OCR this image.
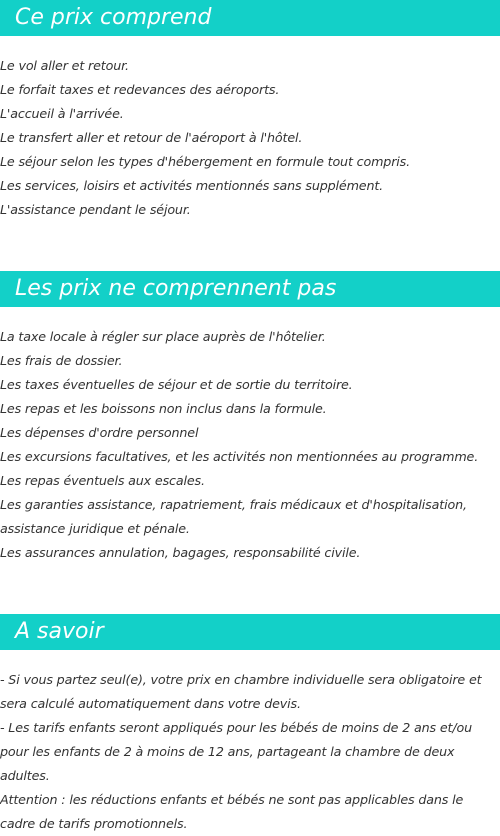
Ce prix comprend
Le vol aller et retour.
Le forfait taxes et redevances des aéroports.
L'accueil à l'arrivée.
Le transfert aller et retour de l'aéroport à l'hôtel.
Le séjour selon les types d'hébergement en formule tout compris.
Les services, loisirs et activités mentionnés sans supplément.
L'assistance pendant le séjour.
Les prix ne comprennent pas
La taxe locale à régler sur place auprès de l'hôtelier.
Les frais de dossier.
Les taxes éventuelles de séjour et de sortie du territoire.
Les repas et les boissons non inclus dans la formule.
Les dépenses d'ordre personnel
Les excursions facultatives, et les activités non mentionnées au programme.
Les repas éventuels aux escales.
Les garanties assistance, rapatriement, frais médicaux et d'hospitalisation, assistance juridique et pénale.
Les assurances annulation, bagages, responsabilité civile.
A savoir

- Si vous partez seul(e), votre prix en chambre individuelle sera obligatoire et sera calculé automatiquement dans votre devis.

- Les tarifs enfants seront appliqués pour les bébés de moins de 2 ans et/ou pour les enfants de 2 à moins de 12 ans, partageant la chambre de deux adultes.

Attention : les réductions enfants et bébés ne sont pas applicables dans le cadre de tarifs promotionnels.
